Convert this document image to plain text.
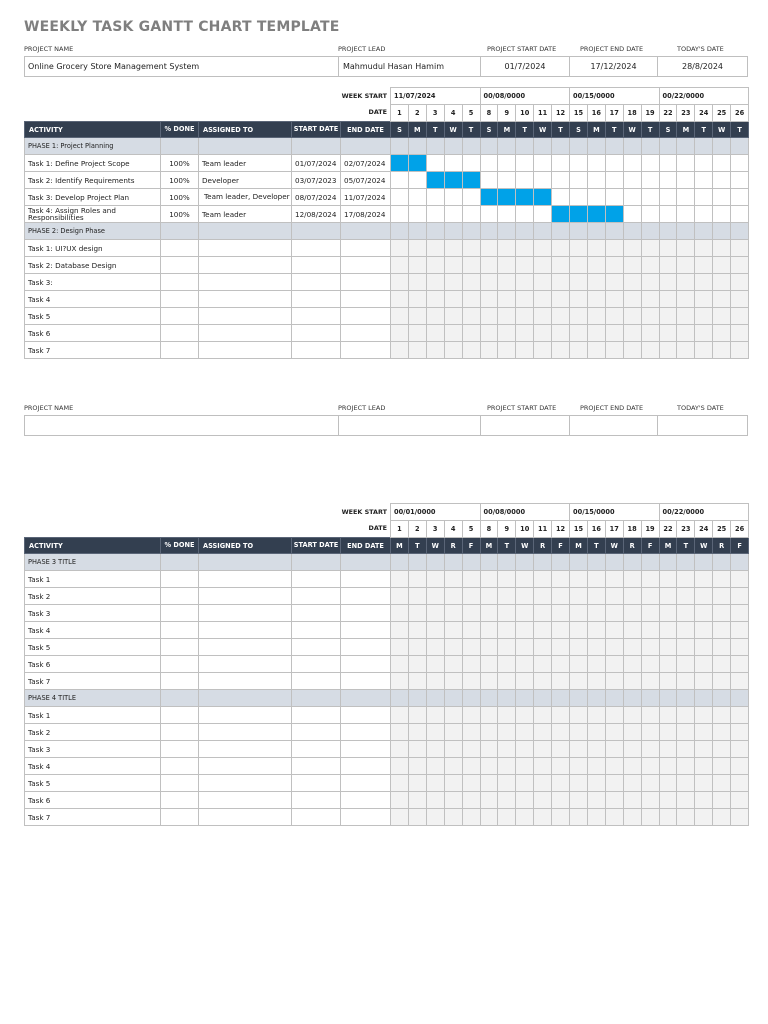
WEEKLY TASK GANTT CHART TEMPLATE
PROJECT NAME	PROJECT LEAD	PROJECT START DATE	PROJECT END DATE	TODAY'S DATE
Online Grocery Store Management System	Mahmudul Hasan Hamim	01/7/2024	17/12/2024	28/8/2024
				WEEK START	11/07/2024					00/08/0000					00/15/0000					00/22/0000				
				DATE	1	2	3	4	5	8	9	10	11	12	15	16	17	18	19	22	23	24	25	26
ACTIVITY	% DONE	ASSIGNED TO	START DATE	END DATE	S	M	T	W	T	S	M	T	W	T	S	M	T	W	T	S	M	T	W	T
PHASE 1: Project Planning																								
Task 1: Define Project Scope	100%	Team leader	01/07/2024	02/07/2024																				
Task 2: Identify Requirements	100%	Developer	03/07/2023	05/07/2024																				
Task 3: Develop Project Plan	100%	Team leader, Developer	08/07/2024	11/07/2024																				
Task 4: Assign Roles and Responsibilities	100%	Team leader	12/08/2024	17/08/2024																				
PHASE 2: Design Phase																								
Task 1: UI?UX design																								
Task 2: Database Design																								
Task 3:																								
Task 4																								
Task 5																								
Task 6																								
Task 7																								
PROJECT NAME	PROJECT LEAD	PROJECT START DATE	PROJECT END DATE	TODAY'S DATE
				WEEK START	00/01/0000					00/08/0000					00/15/0000					00/22/0000				
				DATE	1	2	3	4	5	8	9	10	11	12	15	16	17	18	19	22	23	24	25	26
ACTIVITY	% DONE	ASSIGNED TO	START DATE	END DATE	M	T	W	R	F	M	T	W	R	F	M	T	W	R	F	M	T	W	R	F
PHASE 3 TITLE																								
Task 1																								
Task 2																								
Task 3																								
Task 4																								
Task 5																								
Task 6																								
Task 7																								
PHASE 4 TITLE																								
Task 1																								
Task 2																								
Task 3																								
Task 4																								
Task 5																								
Task 6																								
Task 7																								
